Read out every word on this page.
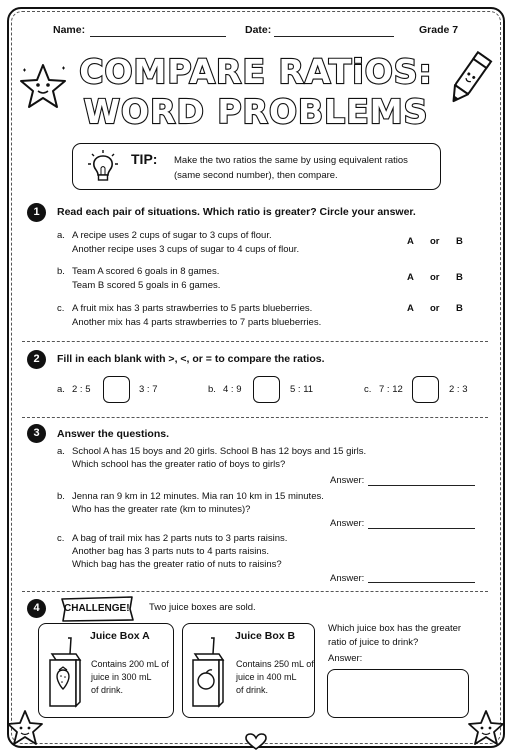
Name:	Date:	Grade 7
COMPARE RATiOS:
WORD PROBLEMS
TIP: Make the two ratios the same by using equivalent ratios (same second number), then compare.
1	Read each pair of situations. Which ratio is greater? Circle your answer.
a. A recipe uses 2 cups of sugar to 3 cups of flour.
Another recipe uses 3 cups of sugar to 4 cups of flour.
A or B
b. Team A scored 6 goals in 8 games.
Team B scored 5 goals in 6 games.
A or B
c. A fruit mix has 3 parts strawberries to 5 parts blueberries.
Another mix has 4 parts strawberries to 7 parts blueberries.
A or B
2	Fill in each blank with >, <, or = to compare the ratios.
a. 2 : 5	3 : 7	b. 4 : 9	5 : 11	c. 7 : 12	2 : 3
3	Answer the questions.
a. School A has 15 boys and 20 girls. School B has 12 boys and 15 girls.
Which school has the greater ratio of boys to girls?
Answer:
b. Jenna ran 9 km in 12 minutes. Mia ran 10 km in 15 minutes.
Who has the greater rate (km to minutes)?
Answer:
c. A bag of trail mix has 2 parts nuts to 3 parts raisins.
Another bag has 3 parts nuts to 4 parts raisins.
Which bag has the greater ratio of nuts to raisins?
Answer:
4	CHALLENGE! Two juice boxes are sold.
Juice Box A
Contains 200 mL of
juice in 300 mL
of drink.
Juice Box B
Contains 250 mL of
juice in 400 mL
of drink.
Which juice box has the greater
ratio of juice to drink?
Answer:
